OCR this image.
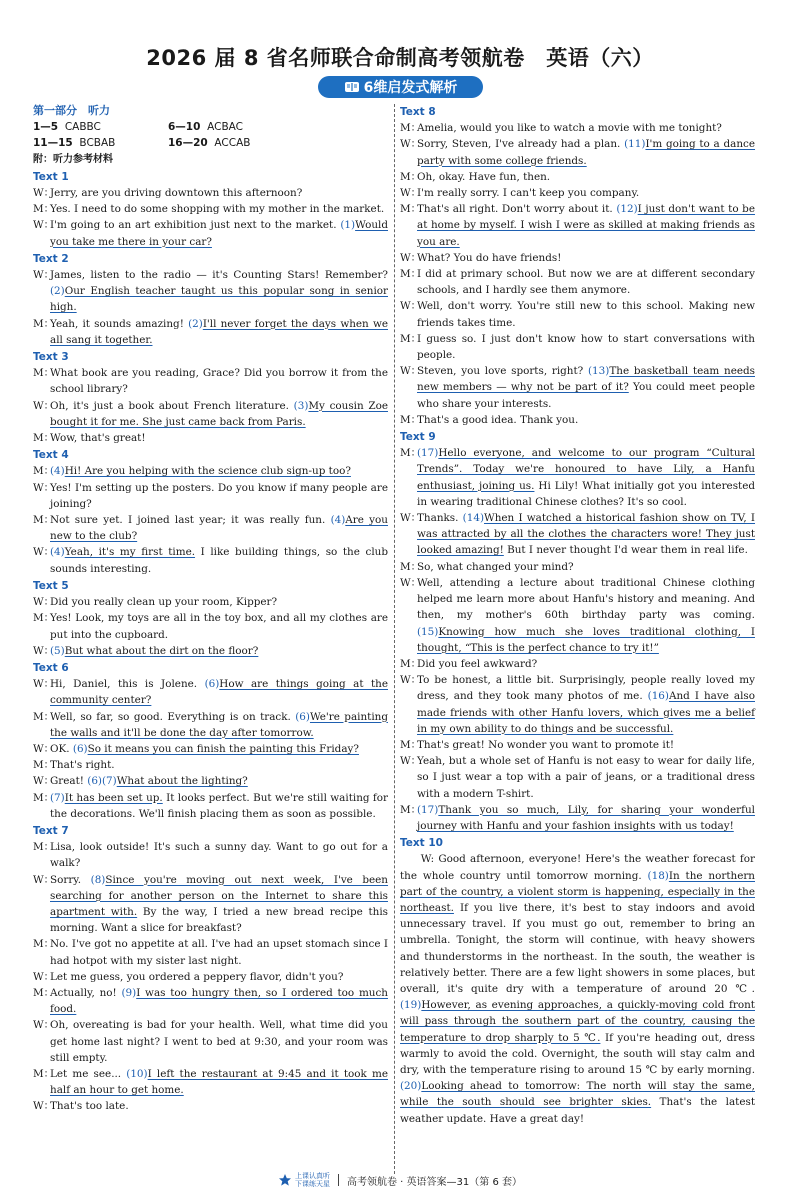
2026 届 8 省名师联合命制高考领航卷　英语（六）
6维启发式解析
第一部分　听力
1—5 CABBC	6—10 ACBAC
11—15 BCBAB	16—20 ACCAB
附：听力参考材料
Text 1
W：
Jerry, are you driving downtown this afternoon?
M：
Yes. I need to do some shopping with my mother in the market.
W：
I'm going to an art exhibition just next to the market. (1)Would you take me there in your car?
Text 2
W：
James, listen to the radio — it's Counting Stars! Remember? (2)Our English teacher taught us this popular song in senior high.
M：
Yeah, it sounds amazing! (2)I'll never forget the days when we all sang it together.
Text 3
M：
What book are you reading, Grace? Did you borrow it from the school library?
W：
Oh, it's just a book about French literature. (3)My cousin Zoe bought it for me. She just came back from Paris.
M：
Wow, that's great!
Text 4
M：
(4)Hi! Are you helping with the science club sign-up too?
W：
Yes! I'm setting up the posters. Do you know if many people are joining?
M：
Not sure yet. I joined last year; it was really fun. (4)Are you new to the club?
W：
(4)Yeah, it's my first time. I like building things, so the club sounds interesting.
Text 5
W：
Did you really clean up your room, Kipper?
M：
Yes! Look, my toys are all in the toy box, and all my clothes are put into the cupboard.
W：
(5)But what about the dirt on the floor?
Text 6
W：
Hi, Daniel, this is Jolene. (6)How are things going at the community center?
M：
Well, so far, so good. Everything is on track. (6)We're painting the walls and it'll be done the day after tomorrow.
W：
OK. (6)So it means you can finish the painting this Friday?
M：
That's right.
W：
Great! (6)(7)What about the lighting?
M：
(7)It has been set up. It looks perfect. But we're still waiting for the decorations. We'll finish placing them as soon as possible.
Text 7
M：
Lisa, look outside! It's such a sunny day. Want to go out for a walk?
W：
Sorry. (8)Since you're moving out next week, I've been searching for another person on the Internet to share this apartment with. By the way, I tried a new bread recipe this morning. Want a slice for breakfast?
M：
No. I've got no appetite at all. I've had an upset stomach since I had hotpot with my sister last night.
W：
Let me guess, you ordered a peppery flavor, didn't you?
M：
Actually, no! (9)I was too hungry then, so I ordered too much food.
W：
Oh, overeating is bad for your health. Well, what time did you get home last night? I went to bed at 9:30, and your room was still empty.
M：
Let me see... (10)I left the restaurant at 9:45 and it took me half an hour to get home.
W：
That's too late.
Text 8
M：
Amelia, would you like to watch a movie with me tonight?
W：
Sorry, Steven, I've already had a plan. (11)I'm going to a dance party with some college friends.
M：
Oh, okay. Have fun, then.
W：
I'm really sorry. I can't keep you company.
M：
That's all right. Don't worry about it. (12)I just don't want to be at home by myself. I wish I were as skilled at making friends as you are.
W：
What? You do have friends!
M：
I did at primary school. But now we are at different secondary schools, and I hardly see them anymore.
W：
Well, don't worry. You're still new to this school. Making new friends takes time.
M：
I guess so. I just don't know how to start conversations with people.
W：
Steven, you love sports, right? (13)The basketball team needs new members — why not be part of it? You could meet people who share your interests.
M：
That's a good idea. Thank you.
Text 9
M：
(17)Hello everyone, and welcome to our program “Cultural Trends”. Today we're honoured to have Lily, a Hanfu enthusiast, joining us. Hi Lily! What initially got you interested in wearing traditional Chinese clothes? It's so cool.
W：
Thanks. (14)When I watched a historical fashion show on TV, I was attracted by all the clothes the characters wore! They just looked amazing! But I never thought I'd wear them in real life.
M：
So, what changed your mind?
W：
Well, attending a lecture about traditional Chinese clothing helped me learn more about Hanfu's history and meaning. And then, my mother's 60th birthday party was coming. (15)Knowing how much she loves traditional clothing, I thought, “This is the perfect chance to try it!”
M：
Did you feel awkward?
W：
To be honest, a little bit. Surprisingly, people really loved my dress, and they took many photos of me. (16)And I have also made friends with other Hanfu lovers, which gives me a belief in my own ability to do things and be successful.
M：
That's great! No wonder you want to promote it!
W：
Yeah, but a whole set of Hanfu is not easy to wear for daily life, so I just wear a top with a pair of jeans, or a traditional dress with a modern T-shirt.
M：
(17)Thank you so much, Lily, for sharing your wonderful journey with Hanfu and your fashion insights with us today!
Text 10
W: Good afternoon, everyone! Here's the weather forecast for the whole country until tomorrow morning. (18)In the northern part of the country, a violent storm is happening, especially in the northeast. If you live there, it's best to stay indoors and avoid unnecessary travel. If you must go out, remember to bring an umbrella. Tonight, the storm will continue, with heavy showers and thunderstorms in the northeast. In the south, the weather is relatively better. There are a few light showers in some places, but overall, it's quite dry with a temperature of around 20 ℃. (19)However, as evening approaches, a quickly-moving cold front will pass through the southern part of the country, causing the temperature to drop sharply to 5 ℃. If you're heading out, dress warmly to avoid the cold. Overnight, the south will stay calm and dry, with the temperature rising to around 15 ℃ by early morning. (20)Looking ahead to tomorrow: The north will stay the same, while the south should see brighter skies. That's the latest weather update. Have a great day!
上课认真听
下课练天星 高考领航卷 · 英语答案—31（第 6 套）
